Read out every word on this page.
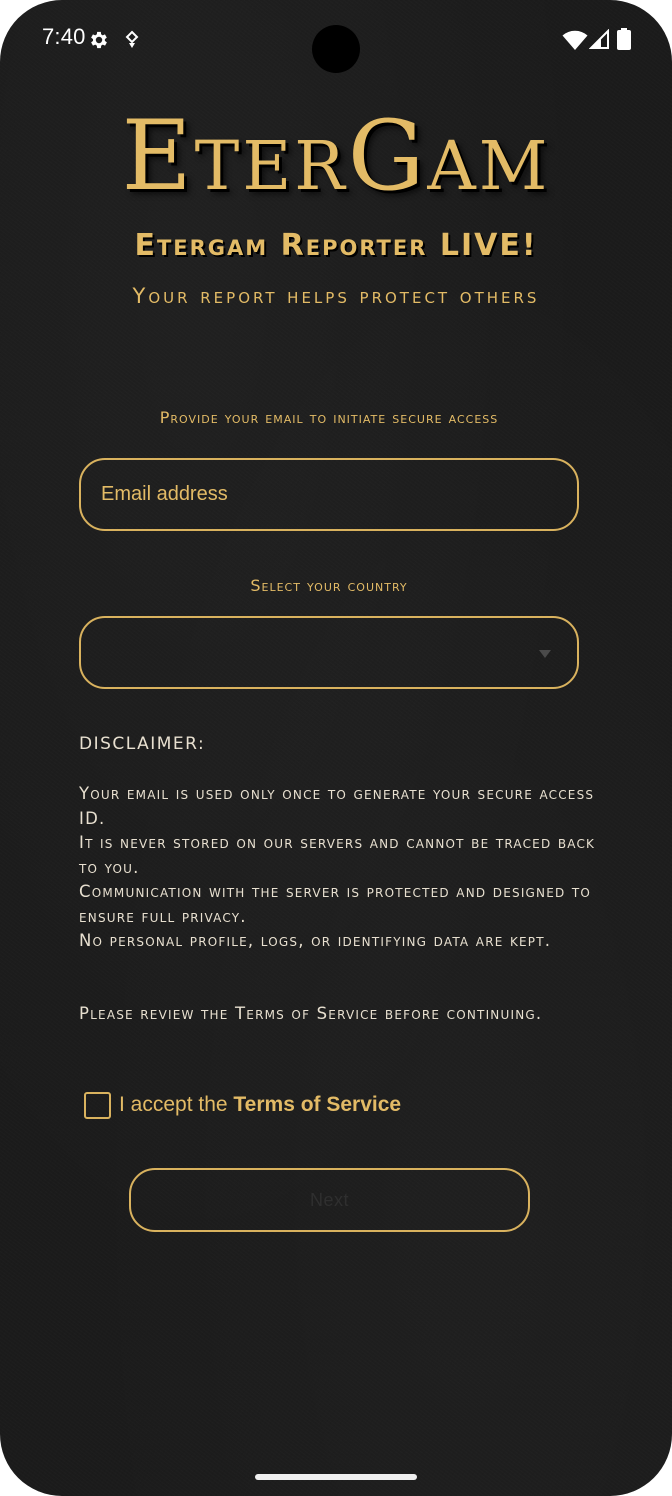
7:40
EterGam
Etergam Reporter LIVE!
Your report helps protect others
Provide your email to initiate secure access
Email address
Select your country
DISCLAIMER:

Your email is used only once to generate your secure access ID.

It is never stored on our servers and cannot be traced back to you.

Communication with the server is protected and designed to ensure full privacy.

No personal profile, logs, or identifying data are kept.

Please review the Terms of Service before continuing.
I accept the Terms of Service
Next
